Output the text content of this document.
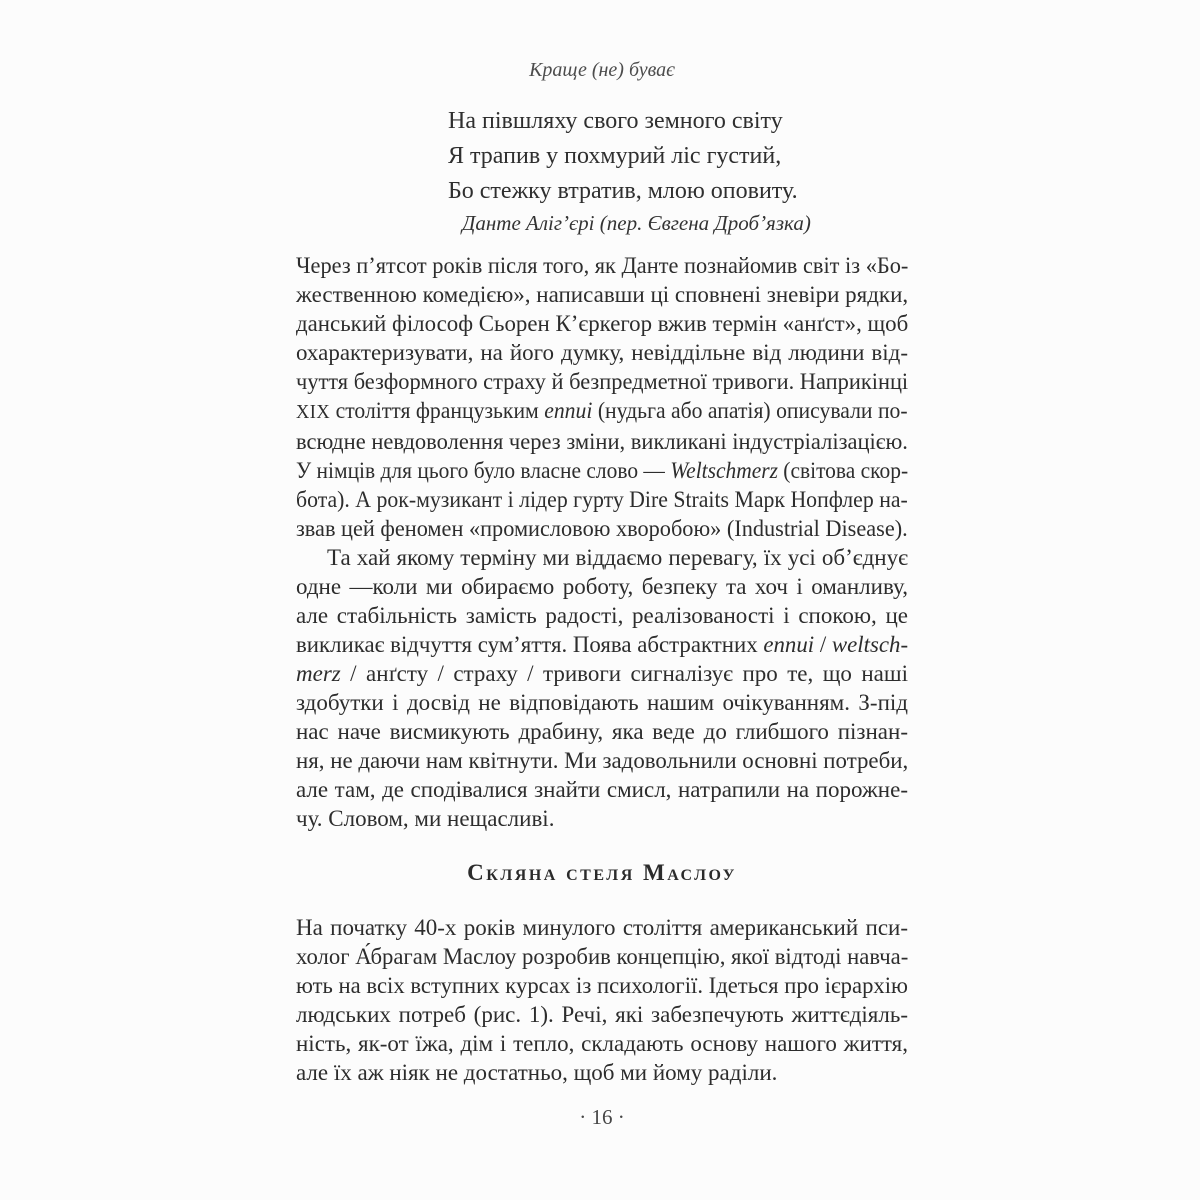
Краще (не) буває
На півшляху свого земного світу
Я трапив у похмурий ліс густий,
Бо стежку втратив, млою оповиту.
Данте Аліг’єрі (пер. Євгена Дроб’язка)
Через п’ятсот років після того, як Данте познайомив світ із «Бо-
жественною комедією», написавши ці сповнені зневіри рядки,
данський філософ Сьорен К’єркегор вжив термін «анґст», щоб
охарактеризувати, на його думку, невіддільне від людини від-
чуття безформного страху й безпредметної тривоги. Наприкінці
XIX століття французьким ennui (нудьга або апатія) описували по-
всюдне невдоволення через зміни, викликані індустріалізацією.
У німців для цього було власне слово — Weltschmerz (світова скор-
бота). А рок-музикант і лідер гурту Dire Straits Марк Нопфлер на-
звав цей феномен «промисловою хворобою» (Industrial Disease).
Та хай якому терміну ми віддаємо перевагу, їх усі об’єднує
одне —коли ми обираємо роботу, безпеку та хоч і оманливу,
але стабільність замість радості, реалізованості і спокою, це
викликає відчуття сум’яття. Поява абстрактних ennui / weltsch-
merz / анґсту / страху / тривоги сигналізує про те, що наші
здобутки і досвід не відповідають нашим очікуванням. З-під
нас наче висмикують драбину, яка веде до глибшого пізнан-
ня, не даючи нам квітнути. Ми задовольнили основні потреби,
але там, де сподівалися знайти смисл, натрапили на порожне-
чу. Словом, ми нещасливі.
Скляна стеля Маслоу
На початку 40-х років минулого століття американський пси-
холог А́брагам Маслоу розробив концепцію, якої відтоді навча-
ють на всіх вступних курсах із психології. Ідеться про ієрархію
людських потреб (рис. 1). Речі, які забезпечують життєдіяль-
ність, як-от їжа, дім і тепло, складають основу нашого життя,
але їх аж ніяк не достатньо, щоб ми йому раділи.
· 16 ·
